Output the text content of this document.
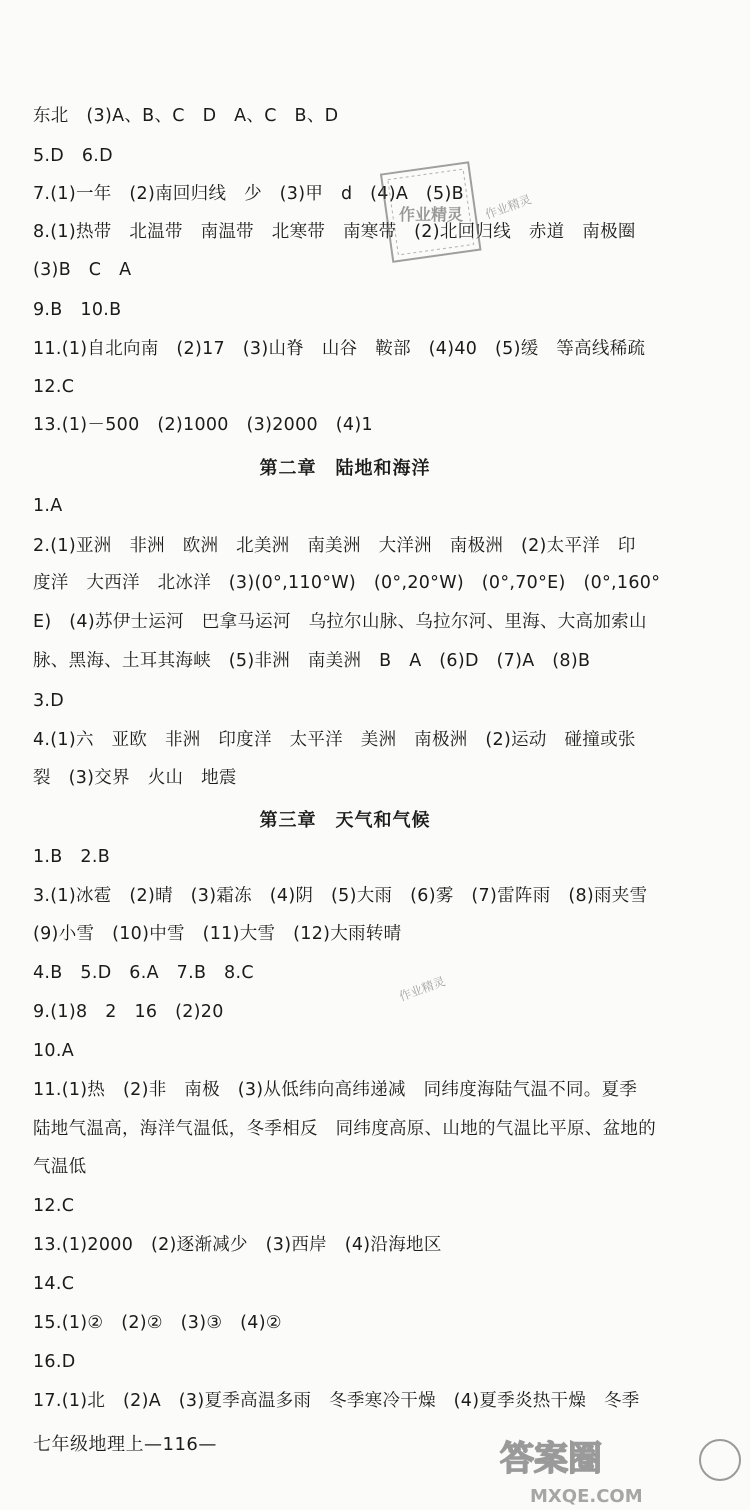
东北　(3)A、B、C　D　A、C　B、D
5.D　6.D
7.(1)一年　(2)南回归线　少　(3)甲　d　(4)A　(5)B
8.(1)热带　北温带　南温带　北寒带　南寒带　(2)北回归线　赤道　南极圈
(3)B　C　A
9.B　10.B
11.(1)自北向南　(2)17　(3)山脊　山谷　鞍部　(4)40　(5)缓　等高线稀疏
12.C
13.(1)－500　(2)1000　(3)2000　(4)1
第二章　陆地和海洋
1.A
2.(1)亚洲　非洲　欧洲　北美洲　南美洲　大洋洲　南极洲　(2)太平洋　印
度洋　大西洋　北冰洋　(3)(0°,110°W)　(0°,20°W)　(0°,70°E)　(0°,160°
E)　(4)苏伊士运河　巴拿马运河　乌拉尔山脉、乌拉尔河、里海、大高加索山
脉、黑海、土耳其海峡　(5)非洲　南美洲　B　A　(6)D　(7)A　(8)B
3.D
4.(1)六　亚欧　非洲　印度洋　太平洋　美洲　南极洲　(2)运动　碰撞或张
裂　(3)交界　火山　地震
第三章　天气和气候
1.B　2.B
3.(1)冰雹　(2)晴　(3)霜冻　(4)阴　(5)大雨　(6)雾　(7)雷阵雨　(8)雨夹雪
(9)小雪　(10)中雪　(11)大雪　(12)大雨转晴
4.B　5.D　6.A　7.B　8.C
9.(1)8　2　16　(2)20
10.A
11.(1)热　(2)非　南极　(3)从低纬向高纬递减　同纬度海陆气温不同。夏季
陆地气温高，海洋气温低，冬季相反　同纬度高原、山地的气温比平原、盆地的
气温低
12.C
13.(1)2000　(2)逐渐减少　(3)西岸　(4)沿海地区
14.C
15.(1)②　(2)②　(3)③　(4)②
16.D
17.(1)北　(2)A　(3)夏季高温多雨　冬季寒冷干燥　(4)夏季炎热干燥　冬季
七年级地理上—116—
作业精灵 作业精灵
作业精灵
答案圈
MXQE.COM
